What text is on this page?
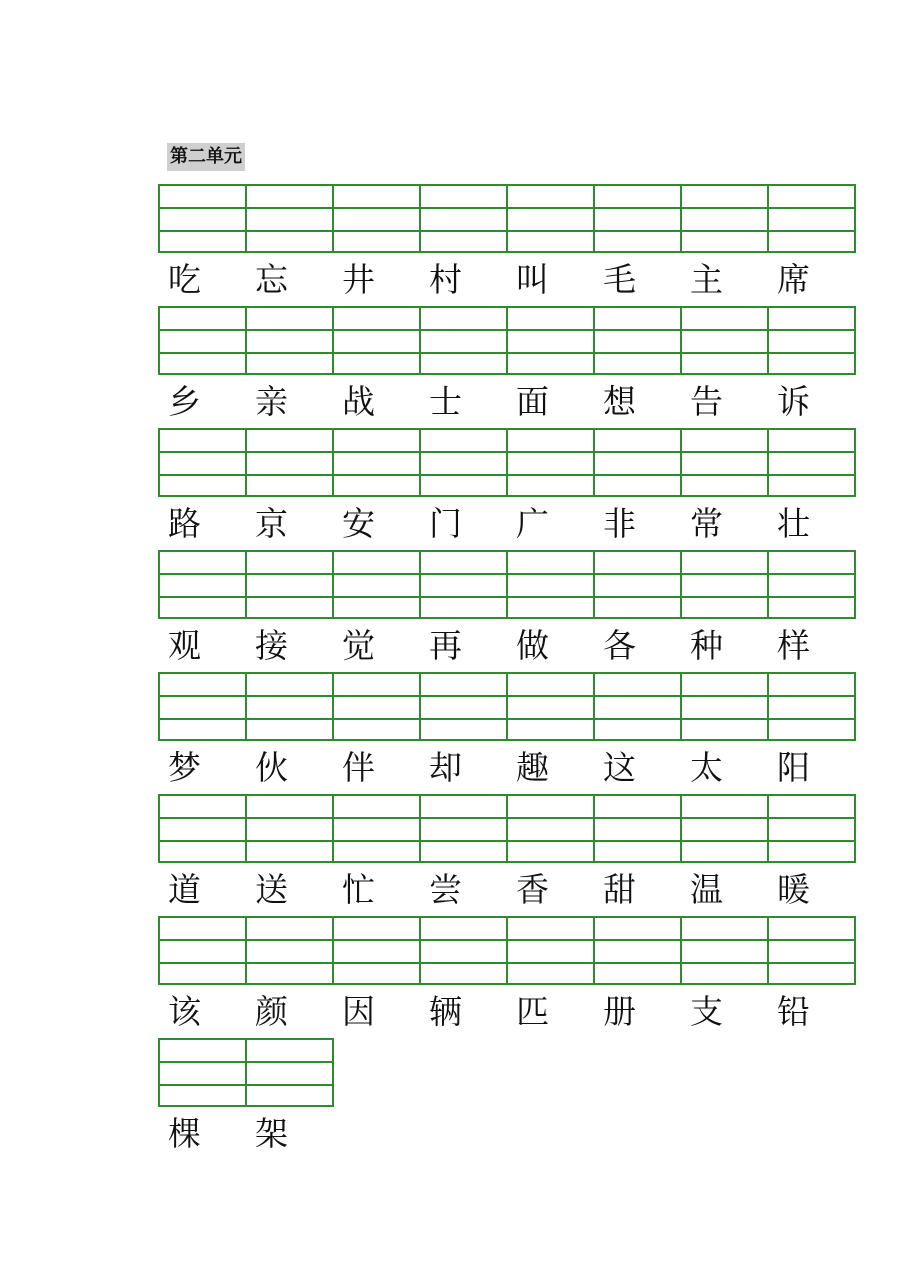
第二单元
吃	忘	井	村	叫	毛	主	席
乡	亲	战	士	面	想	告	诉
路	京	安	门	广	非	常	壮
观	接	觉	再	做	各	种	样
梦	伙	伴	却	趣	这	太	阳
道	送	忙	尝	香	甜	温	暖
该	颜	因	辆	匹	册	支	铅
棵	架
